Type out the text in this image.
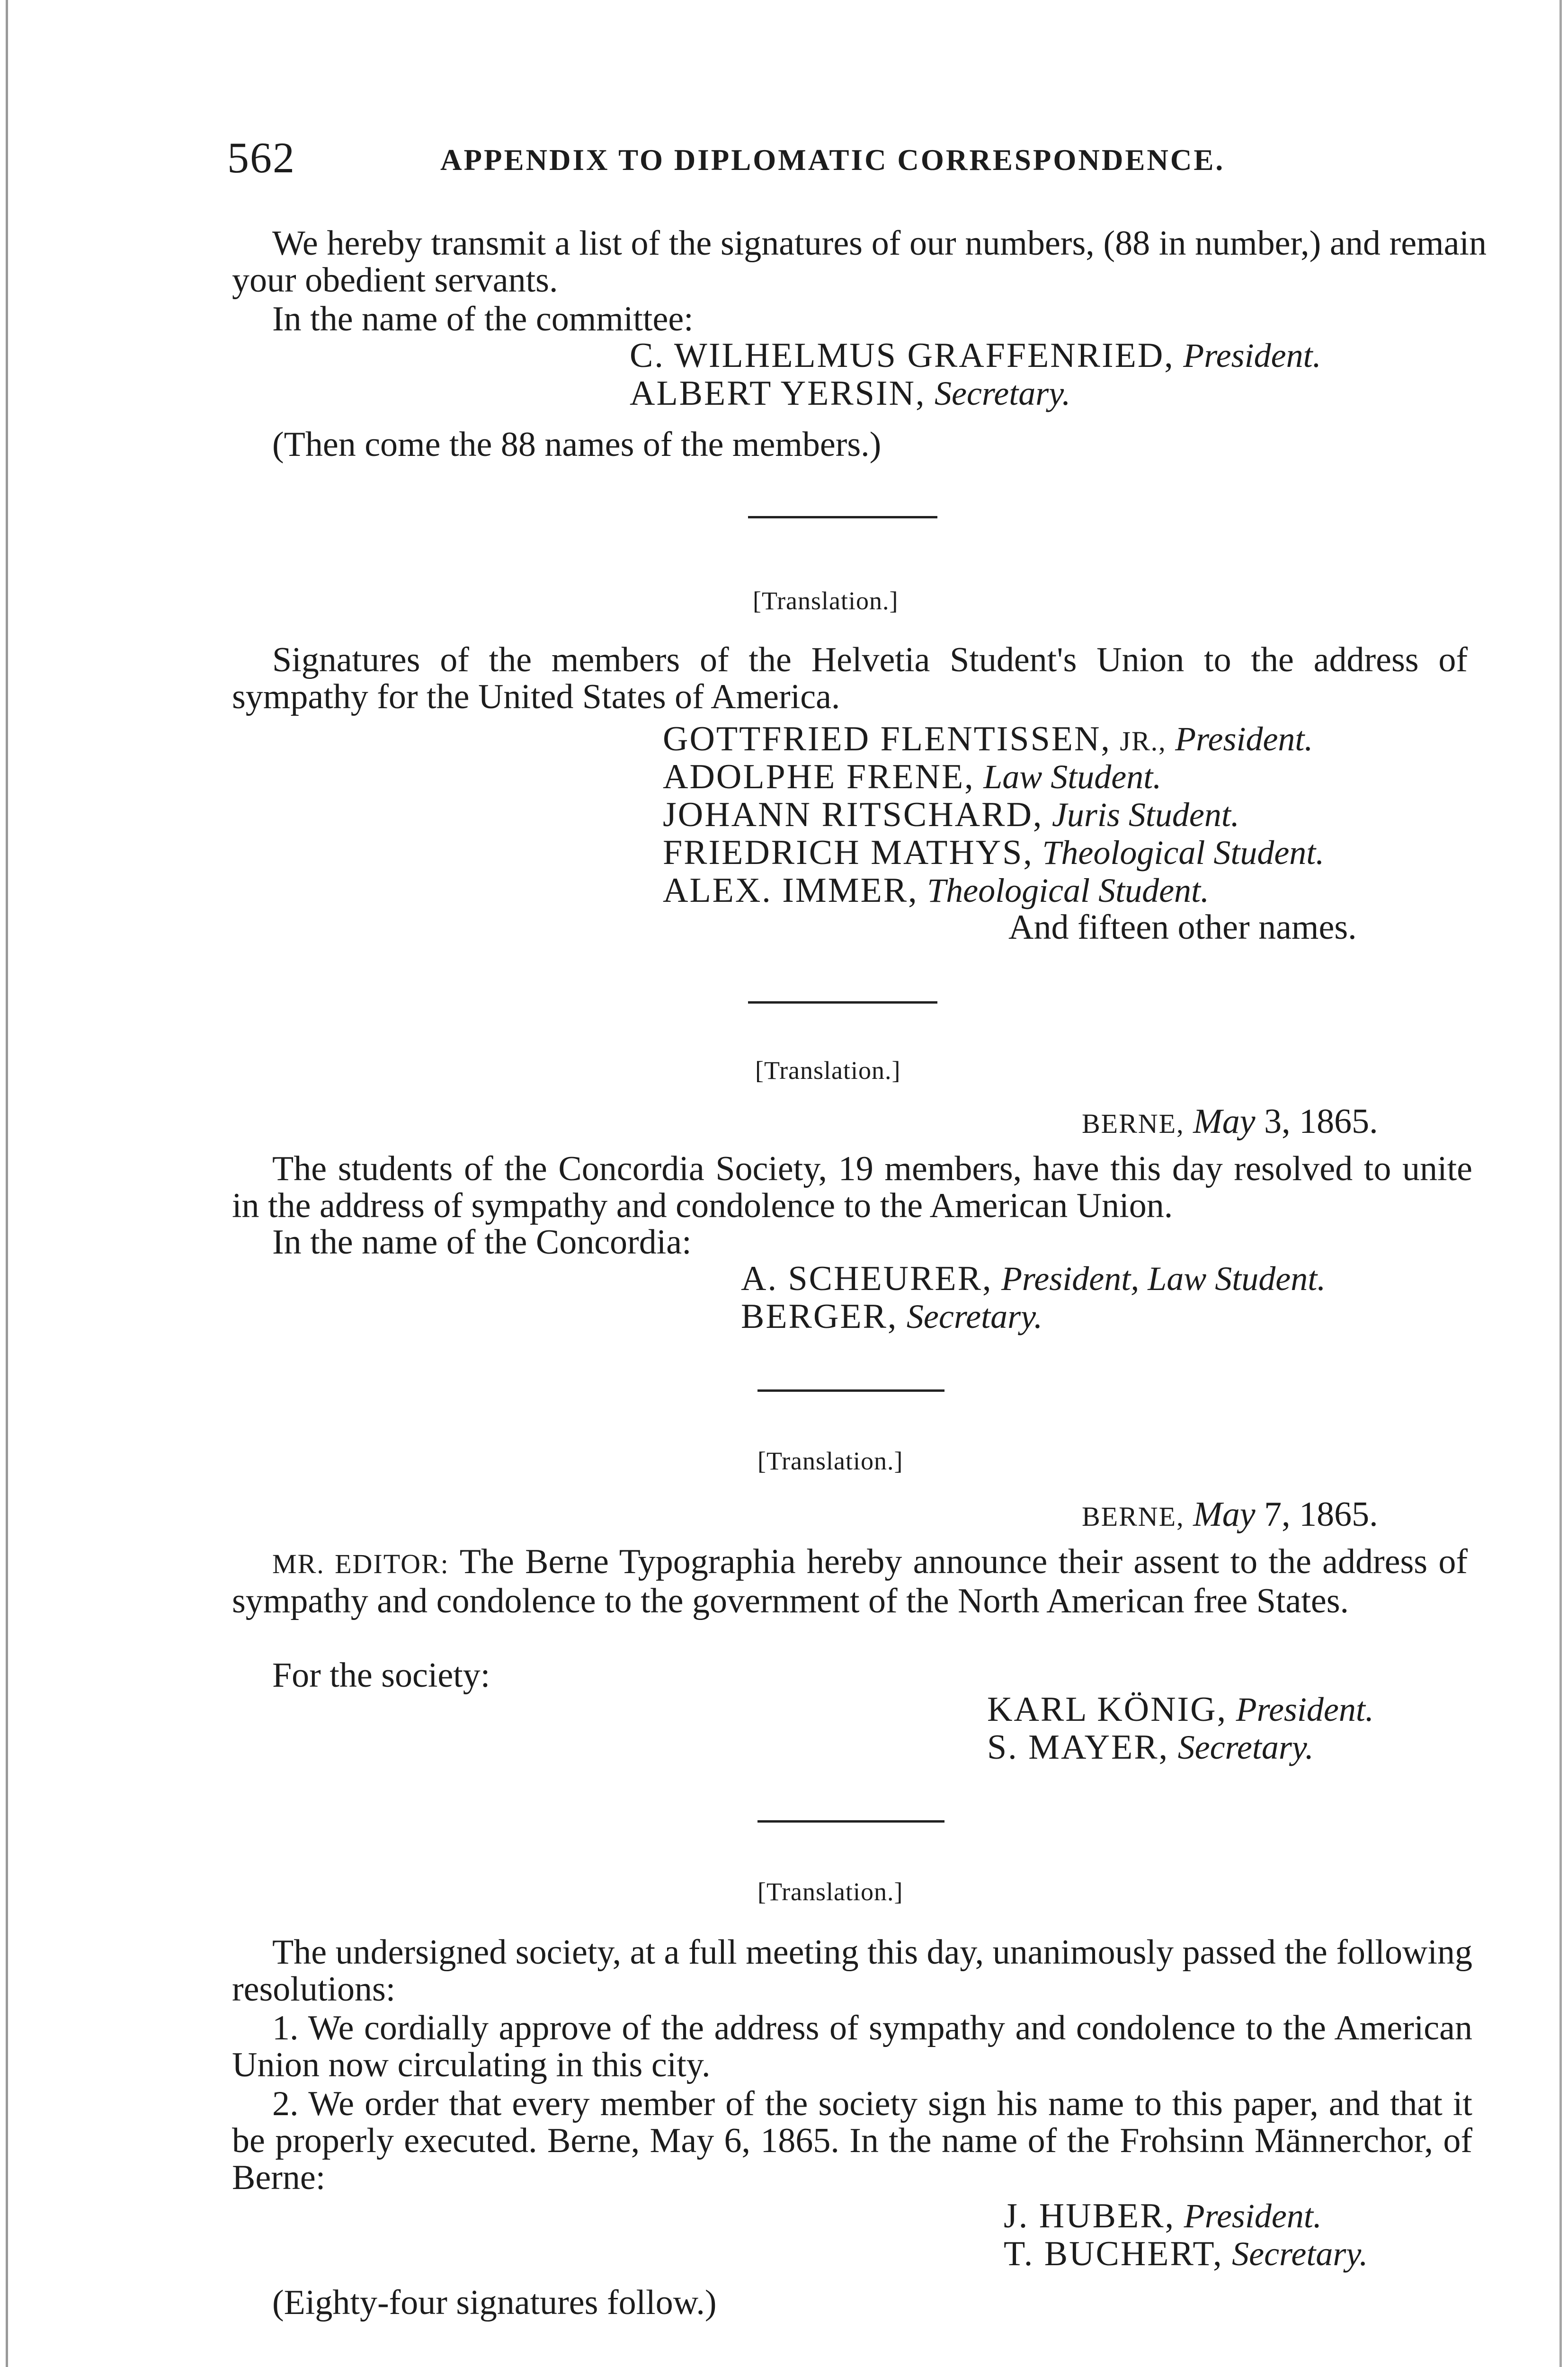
562	APPENDIX TO DIPLOMATIC CORRESPONDENCE.
We hereby transmit a list of the signatures of our numbers, (88 in number,) and remain your obedient servants.
In the name of the committee:
C. WILHELMUS GRAFFENRIED, President.
ALBERT YERSIN, Secretary.
(Then come the 88 names of the members.)
[Translation.]
Signatures of the members of the Helvetia Student's Union to the address of sympathy for the United States of America.
GOTTFRIED FLENTISSEN, JR., President.
ADOLPHE FRENE, Law Student.
JOHANN RITSCHARD, Juris Student.
FRIEDRICH MATHYS, Theological Student.
ALEX. IMMER, Theological Student.
And fifteen other names.
[Translation.]
BERNE, May 3, 1865.
The students of the Concordia Society, 19 members, have this day resolved to unite in the address of sympathy and condolence to the American Union.
In the name of the Concordia:
A. SCHEURER, President, Law Student.
BERGER, Secretary.
[Translation.]
BERNE, May 7, 1865.
MR. EDITOR: The Berne Typographia hereby announce their assent to the address of sympathy and condolence to the government of the North American free States.
For the society:
KARL KÖNIG, President.
S. MAYER, Secretary.
[Translation.]
The undersigned society, at a full meeting this day, unanimously passed the following resolutions:
1. We cordially approve of the address of sympathy and condolence to the American Union now circulating in this city.
2. We order that every member of the society sign his name to this paper, and that it be properly executed. Berne, May 6, 1865. In the name of the Frohsinn Männerchor, of Berne:
J. HUBER, President.
T. BUCHERT, Secretary.
(Eighty-four signatures follow.)
